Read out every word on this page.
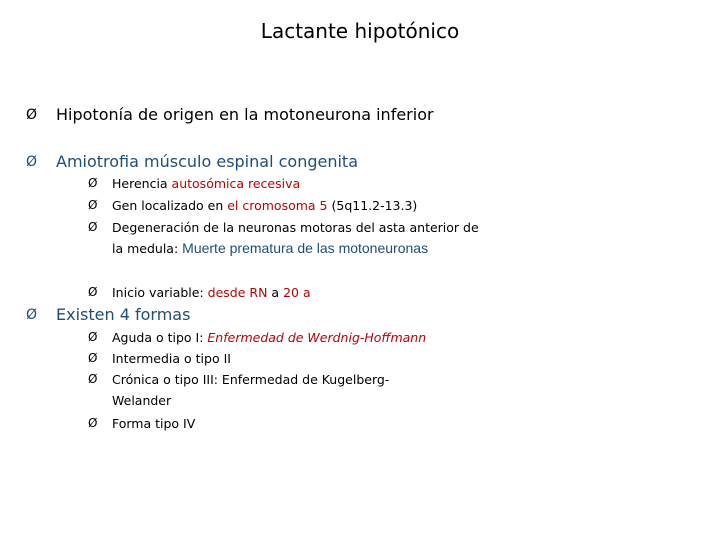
Lactante hipotónico
Ø	Hipotonía de origen en la motoneurona inferior
Ø	Amiotrofia músculo espinal congenita
Ø	Herencia autosómica recesiva
Ø	Gen localizado en el cromosoma 5 (5q11.2-13.3)
Ø	Degeneración de la neuronas motoras del asta anterior de la medula: Muerte prematura de las motoneuronas
Ø	Inicio variable: desde RN a 20 a
Ø	Existen 4 formas
Ø	Aguda o tipo I: Enfermedad de Werdnig-Hoffmann
Ø	Intermedia o tipo II
Ø	Crónica o tipo III: Enfermedad de Kugelberg-Welander
Ø	Forma tipo IV
